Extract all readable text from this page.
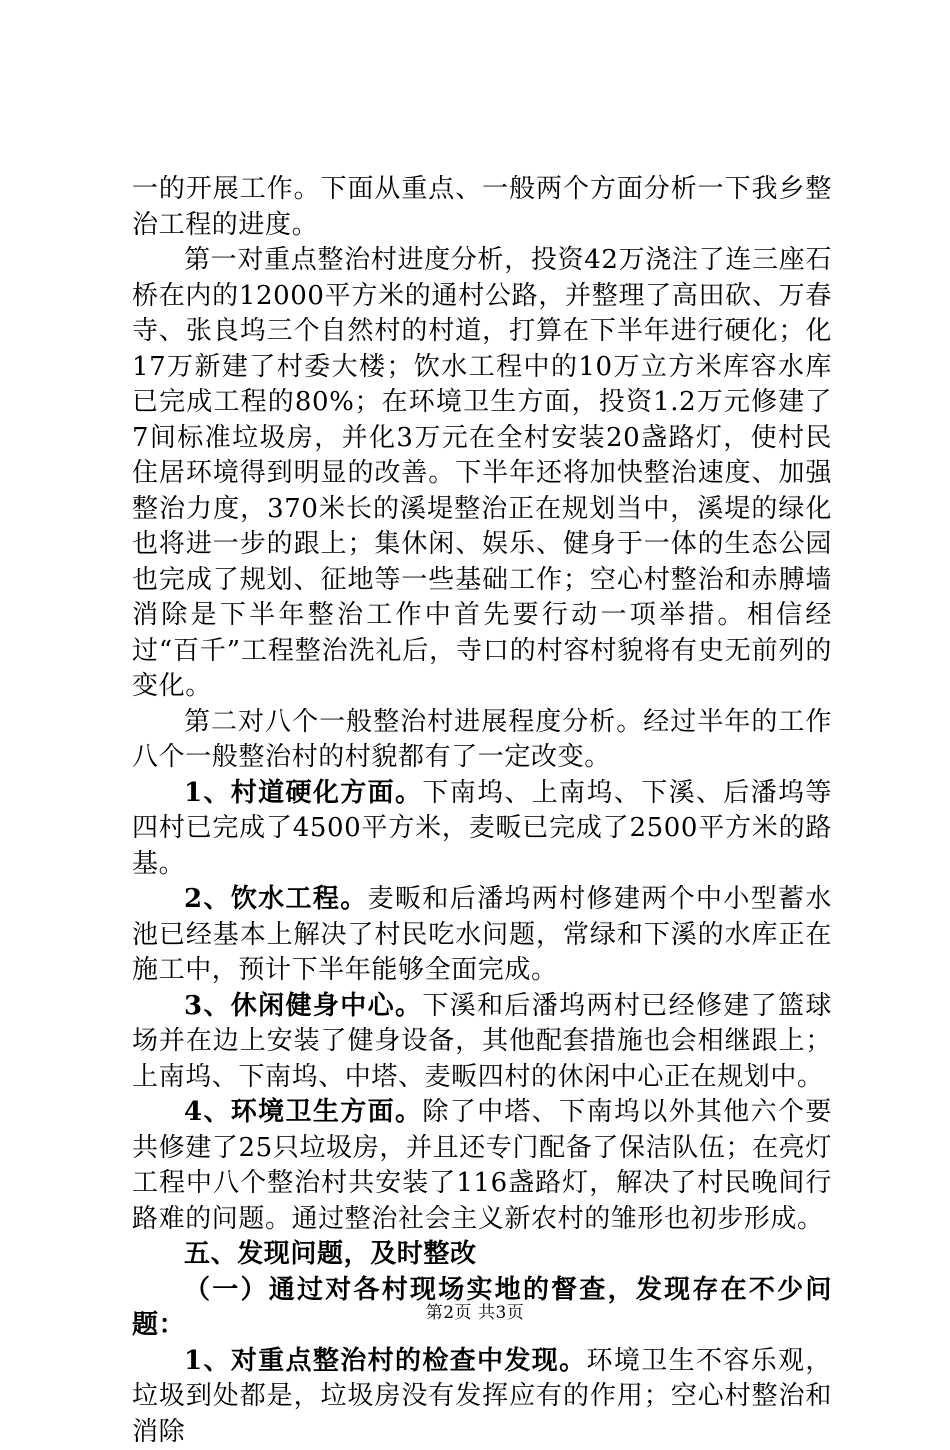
一的开展工作。下面从重点、一般两个方面分析一下我乡整治工程的进度。

第一对重点整治村进度分析，投资42万浇注了连三座石桥在内的12000平方米的通村公路，并整理了高田砍、万春寺、张良坞三个自然村的村道，打算在下半年进行硬化；化17万新建了村委大楼；饮水工程中的10万立方米库容水库已完成工程的80%；在环境卫生方面，投资1.2万元修建了7间标准垃圾房，并化3万元在全村安装20盏路灯，使村民住居环境得到明显的改善。下半年还将加快整治速度、加强整治力度，370米长的溪堤整治正在规划当中，溪堤的绿化也将进一步的跟上；集休闲、娱乐、健身于一体的生态公园也完成了规划、征地等一些基础工作；空心村整治和赤膊墙消除是下半年整治工作中首先要行动一项举措。相信经过“百千”工程整治洗礼后，寺口的村容村貌将有史无前列的变化。

第二对八个一般整治村进展程度分析。经过半年的工作八个一般整治村的村貌都有了一定改变。

1、村道硬化方面。下南坞、上南坞、下溪、后潘坞等四村已完成了4500平方米，麦畈已完成了2500平方米的路基。

2、饮水工程。麦畈和后潘坞两村修建两个中小型蓄水池已经基本上解决了村民吃水问题，常绿和下溪的水库正在施工中，预计下半年能够全面完成。

3、休闲健身中心。下溪和后潘坞两村已经修建了篮球场并在边上安装了健身设备，其他配套措施也会相继跟上；上南坞、下南坞、中塔、麦畈四村的休闲中心正在规划中。

4、环境卫生方面。除了中塔、下南坞以外其他六个要共修建了25只垃圾房，并且还专门配备了保洁队伍；在亮灯工程中八个整治村共安装了116盏路灯，解决了村民晚间行路难的问题。通过整治社会主义新农村的雏形也初步形成。

五、发现问题，及时整改

（一）通过对各村现场实地的督查，发现存在不少问题：

1、对重点整治村的检查中发现。环境卫生不容乐观，垃圾到处都是，垃圾房没有发挥应有的作用；空心村整治和消除

第2页 共3页
